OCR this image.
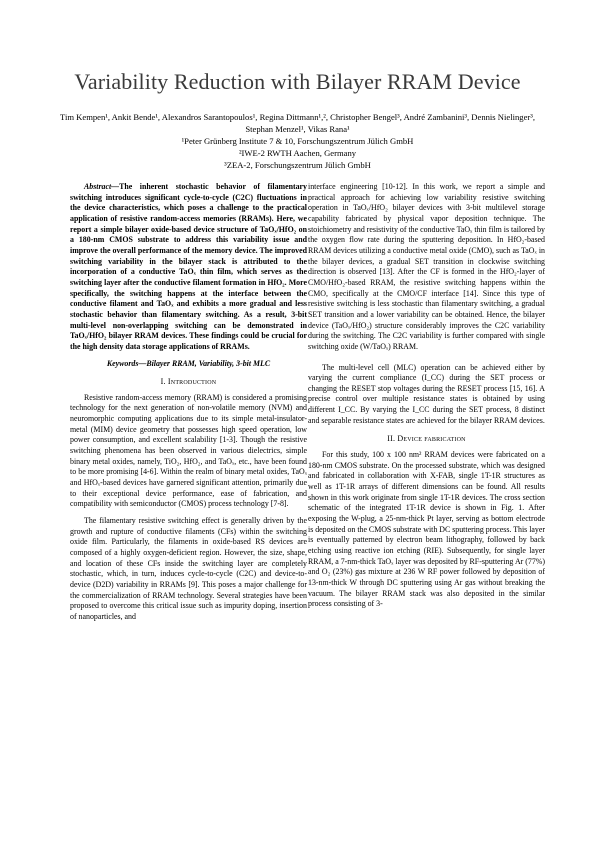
Variability Reduction with Bilayer RRAM Device
Tim Kempen¹, Ankit Bende¹, Alexandros Sarantopoulos¹, Regina Dittmann¹,², Christopher Bengel³, André Zambanini³, Dennis Nielinger³, Stephan Menzel¹, Vikas Rana¹
¹Peter Grünberg Institute 7 & 10, Forschungszentrum Jülich GmbH
²IWE-2 RWTH Aachen, Germany
³ZEA-2, Forschungszentrum Jülich GmbH

Abstract—The inherent stochastic behavior of filamentary switching introduces significant cycle-to-cycle (C2C) fluctuations in the device characteristics, which poses a challenge to the practical application of resistive random-access memories (RRAMs). Here, we report a simple bilayer oxide-based device structure of TaOₓ/HfO₂ on a 180-nm CMOS substrate to address this variability issue and improve the overall performance of the memory device. The improved switching variability in the bilayer stack is attributed to the incorporation of a conductive TaOₓ thin film, which serves as the switching layer after the conductive filament formation in HfO₂. More specifically, the switching happens at the interface between the conductive filament and TaOₓ and exhibits a more gradual and less stochastic behavior than filamentary switching. As a result, 3-bit multi-level non-overlapping switching can be demonstrated in TaOₓ/HfO₂ bilayer RRAM devices. These findings could be crucial for the high density data storage applications of RRAMs.

Keywords—Bilayer RRAM, Variability, 3-bit MLC

I. Introduction

Resistive random-access memory (RRAM) is considered a promising technology for the next generation of non-volatile memory (NVM) and neuromorphic computing applications due to its simple metal-insulator-metal (MIM) device geometry that possesses high speed operation, low power consumption, and excellent scalability [1-3]. Though the resistive switching phenomena has been observed in various dielectrics, simple binary metal oxides, namely, TiO₂, HfO₂, and TaOₓ, etc., have been found to be more promising [4-6]. Within the realm of binary metal oxides, TaOₓ and HfOₓ-based devices have garnered significant attention, primarily due to their exceptional device performance, ease of fabrication, and compatibility with semiconductor (CMOS) process technology [7-8].

The filamentary resistive switching effect is generally driven by the growth and rupture of conductive filaments (CFs) within the switching oxide film. Particularly, the filaments in oxide-based RS devices are composed of a highly oxygen-deficient region. However, the size, shape, and location of these CFs inside the switching layer are completely stochastic, which, in turn, induces cycle-to-cycle (C2C) and device-to-device (D2D) variability in RRAMs [9]. This poses a major challenge for the commercialization of RRAM technology. Several strategies have been proposed to overcome this critical issue such as impurity doping, insertion of nanoparticles, and

interface engineering [10-12]. In this work, we report a simple and practical approach for achieving low variability resistive switching operation in TaOₓ/HfO₂ bilayer devices with 3-bit multilevel storage capability fabricated by physical vapor deposition technique. The stoichiometry and resistivity of the conductive TaOₓ thin film is tailored by the oxygen flow rate during the sputtering deposition. In HfO₂-based RRAM devices utilizing a conductive metal oxide (CMO), such as TaOₓ in the bilayer devices, a gradual SET transition in clockwise switching direction is observed [13]. After the CF is formed in the HfO₂-layer of CMO/HfO₂-based RRAM, the resistive switching happens within the CMO, specifically at the CMO/CF interface [14]. Since this type of resistive switching is less stochastic than filamentary switching, a gradual SET transition and a lower variability can be obtained. Hence, the bilayer device (TaOₓ/HfO₂) structure considerably improves the C2C variability during the switching. The C2C variability is further compared with single switching oxide (W/TaOₓ) RRAM.

The multi-level cell (MLC) operation can be achieved either by varying the current compliance (I_CC) during the SET process or changing the RESET stop voltages during the RESET process [15, 16]. A precise control over multiple resistance states is obtained by using different I_CC. By varying the I_CC during the SET process, 8 distinct and separable resistance states are achieved for the bilayer RRAM devices.

II. Device fabrication

For this study, 100 x 100 nm² RRAM devices were fabricated on a 180-nm CMOS substrate. On the processed substrate, which was designed and fabricated in collaboration with X-FAB, single 1T-1R structures as well as 1T-1R arrays of different dimensions can be found. All results shown in this work originate from single 1T-1R devices. The cross section schematic of the integrated 1T-1R device is shown in Fig. 1. After exposing the W-plug, a 25-nm-thick Pt layer, serving as bottom electrode is deposited on the CMOS substrate with DC sputtering process. This layer is eventually patterned by electron beam lithography, followed by back etching using reactive ion etching (RIE). Subsequently, for single layer RRAM, a 7-nm-thick TaOₓ layer was deposited by RF-sputtering Ar (77%) and O₂ (23%) gas mixture at 236 W RF power followed by deposition of 13-nm-thick W through DC sputtering using Ar gas without breaking the vacuum. The bilayer RRAM stack was also deposited in the similar process consisting of 3-
